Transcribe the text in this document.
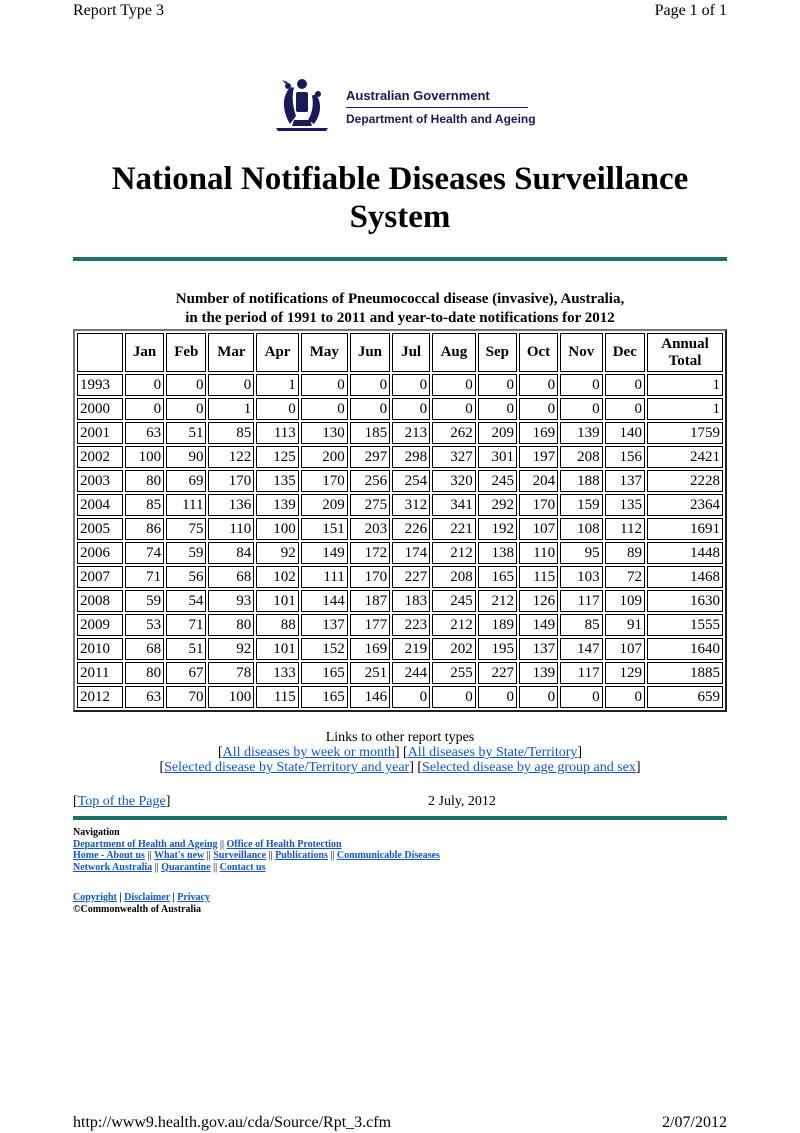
Report Type 3	Page 1 of 1
Australian Government
Department of Health and Ageing
National Notifiable Diseases Surveillance System
Number of notifications of Pneumococcal disease (invasive), Australia,
in the period of 1991 to 2011 and year-to-date notifications for 2012
	Jan	Feb	Mar	Apr	May	Jun	Jul	Aug	Sep	Oct	Nov	Dec	Annual Total
1993	0	0	0	1	0	0	0	0	0	0	0	0	1
2000	0	0	1	0	0	0	0	0	0	0	0	0	1
2001	63	51	85	113	130	185	213	262	209	169	139	140	1759
2002	100	90	122	125	200	297	298	327	301	197	208	156	2421
2003	80	69	170	135	170	256	254	320	245	204	188	137	2228
2004	85	111	136	139	209	275	312	341	292	170	159	135	2364
2005	86	75	110	100	151	203	226	221	192	107	108	112	1691
2006	74	59	84	92	149	172	174	212	138	110	95	89	1448
2007	71	56	68	102	111	170	227	208	165	115	103	72	1468
2008	59	54	93	101	144	187	183	245	212	126	117	109	1630
2009	53	71	80	88	137	177	223	212	189	149	85	91	1555
2010	68	51	92	101	152	169	219	202	195	137	147	107	1640
2011	80	67	78	133	165	251	244	255	227	139	117	129	1885
2012	63	70	100	115	165	146	0	0	0	0	0	0	659
Links to other report types
[All diseases by week or month] [All diseases by State/Territory]
[Selected disease by State/Territory and year] [Selected disease by age group and sex]
[Top of the Page]	2 July, 2012
Navigation
Department of Health and Ageing || Office of Health Protection
Home - About us || What's new || Surveillance || Publications || Communicable Diseases
Network Australia || Quarantine || Contact us
Copyright | Disclaimer | Privacy
©Commonwealth of Australia
http://www9.health.gov.au/cda/Source/Rpt_3.cfm	2/07/2012
